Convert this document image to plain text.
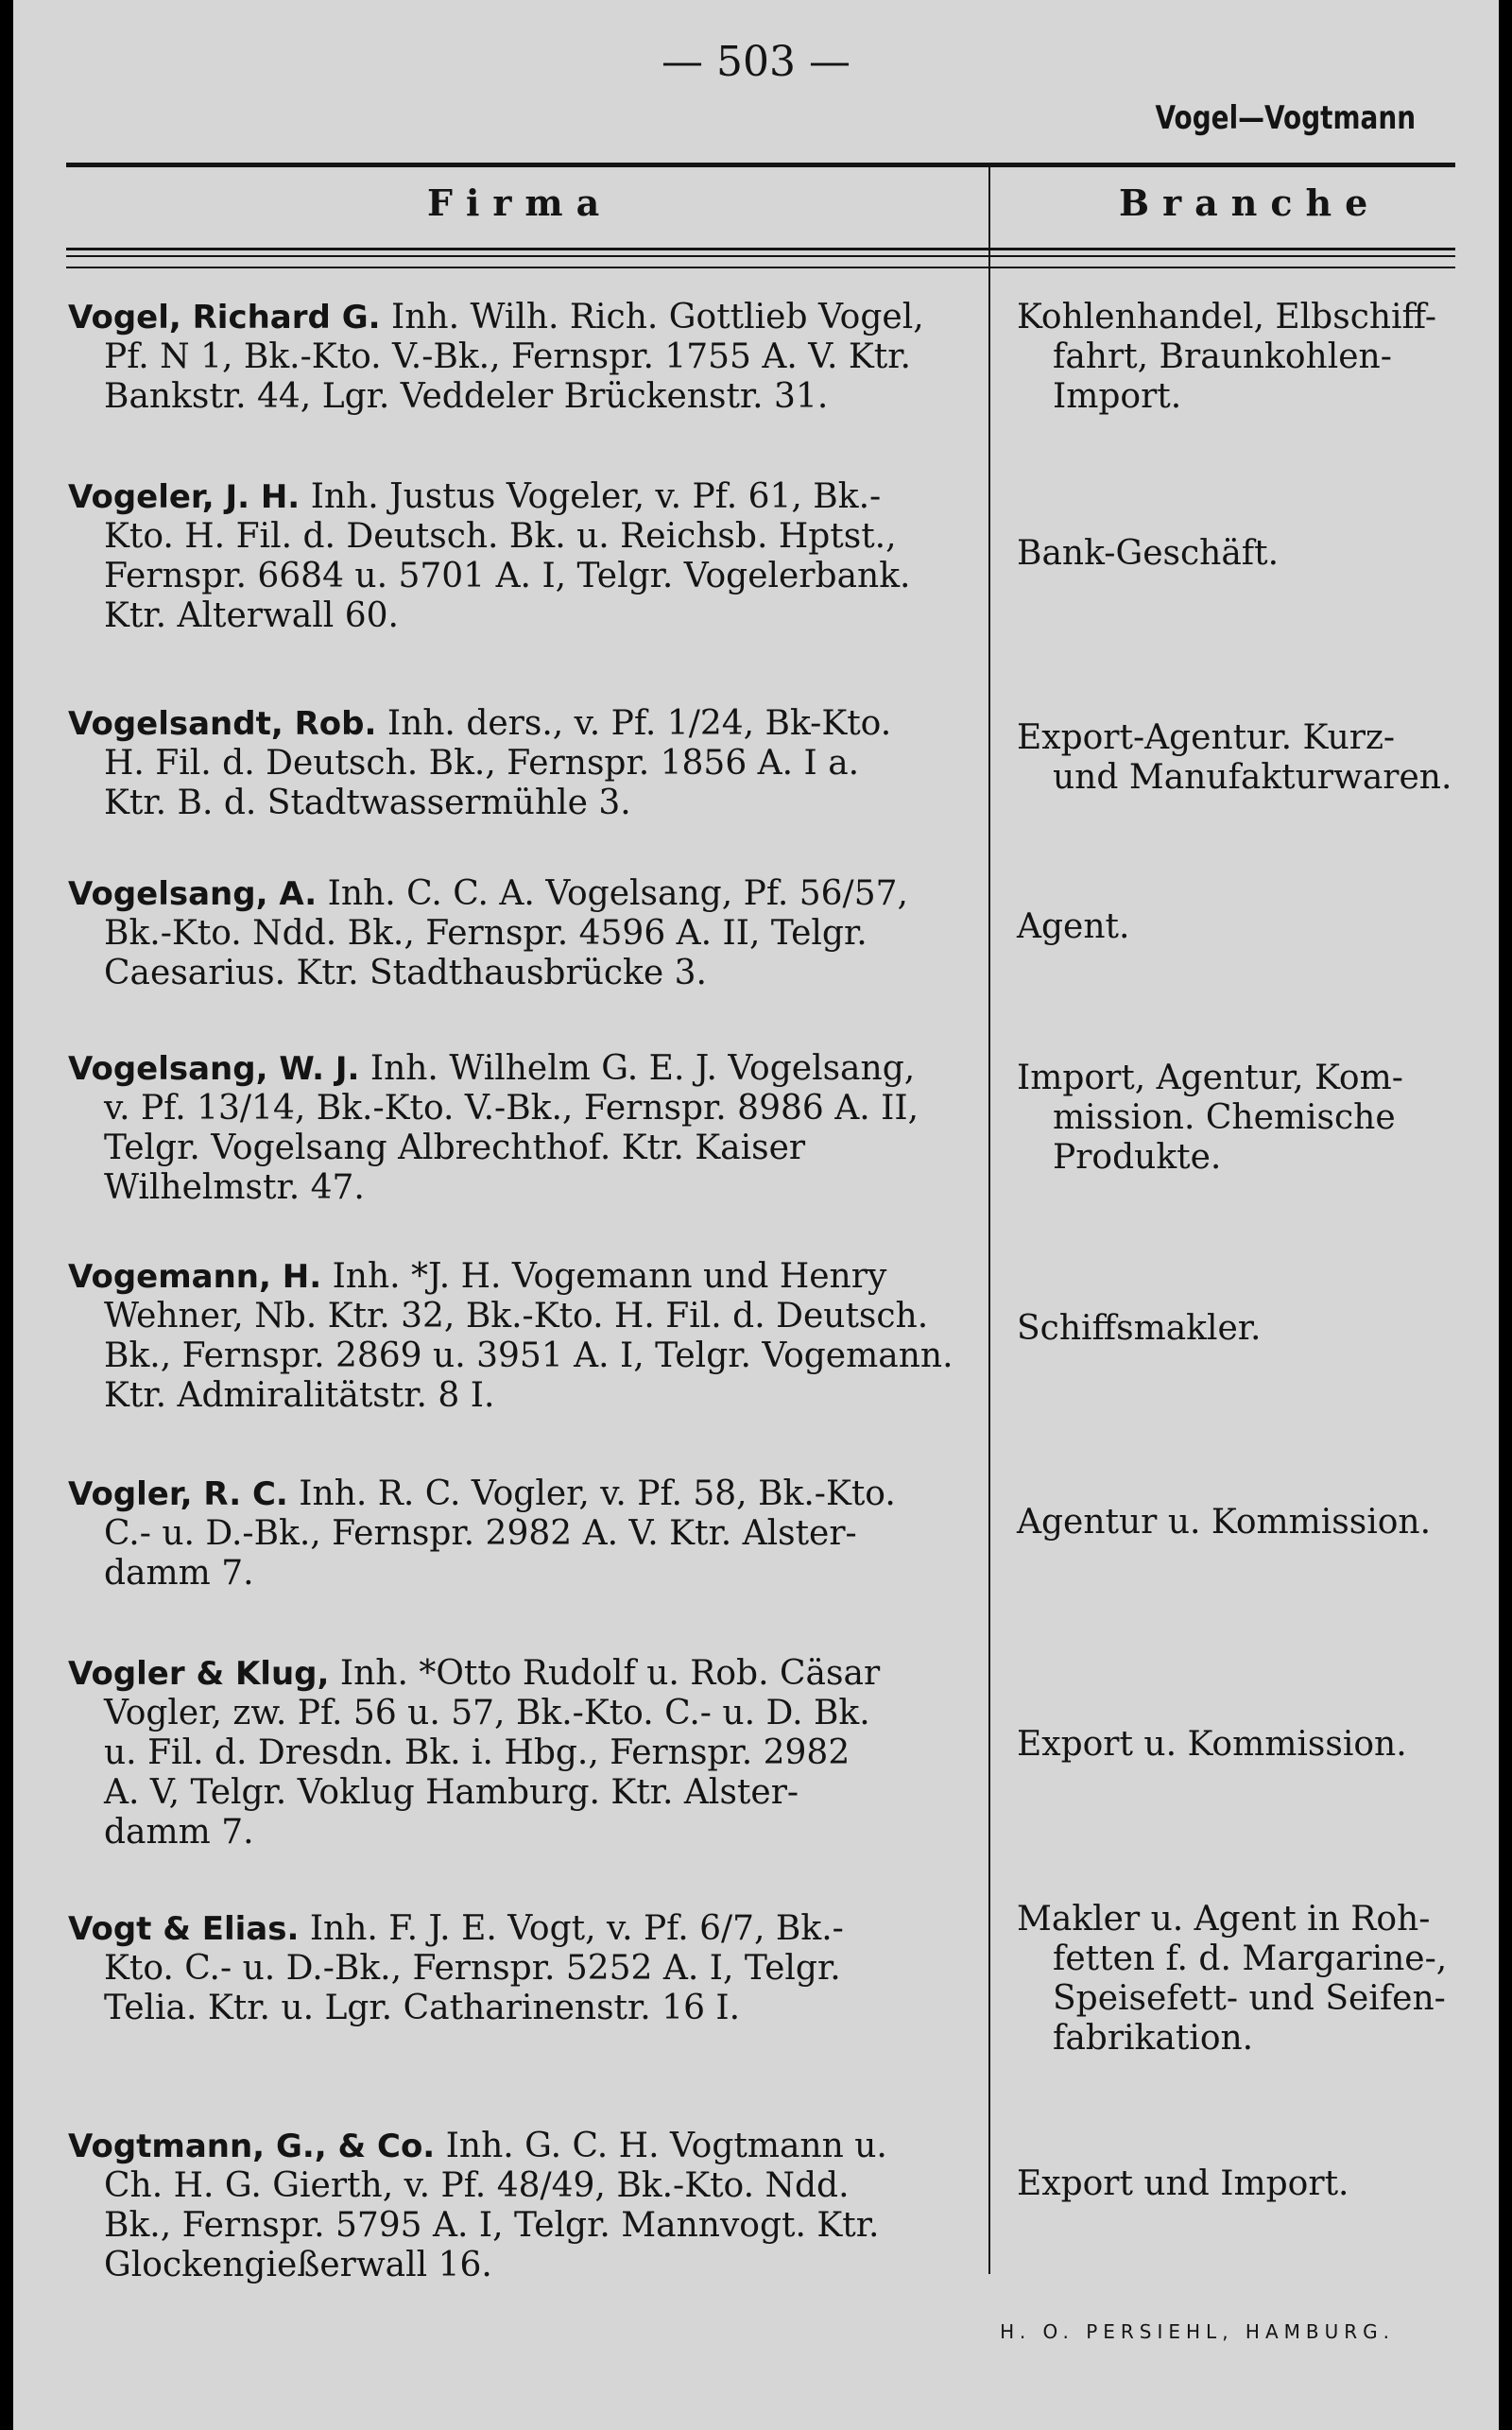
— 503 —
Vogel—Vogtmann
Firma	Branche
Vogel, Richard G. Inh. Wilh. Rich. Gottlieb Vogel,
Pf. N 1, Bk.-Kto. V.-Bk., Fernspr. 1755 A. V. Ktr.
Bankstr. 44, Lgr. Veddeler Brückenstr. 31.
Kohlenhandel, Elbschiff-
fahrt, Braunkohlen-
Import.
Vogeler, J. H. Inh. Justus Vogeler, v. Pf. 61, Bk.-
Kto. H. Fil. d. Deutsch. Bk. u. Reichsb. Hptst.,
Fernspr. 6684 u. 5701 A. I, Telgr. Vogelerbank.
Ktr. Alterwall 60.
Bank-Geschäft.
Vogelsandt, Rob. Inh. ders., v. Pf. 1/24, Bk-Kto.
H. Fil. d. Deutsch. Bk., Fernspr. 1856 A. I a.
Ktr. B. d. Stadtwassermühle 3.
Export-Agentur. Kurz-
und Manufakturwaren.
Vogelsang, A. Inh. C. C. A. Vogelsang, Pf. 56/57,
Bk.-Kto. Ndd. Bk., Fernspr. 4596 A. II, Telgr.
Caesarius. Ktr. Stadthausbrücke 3.
Agent.
Vogelsang, W. J. Inh. Wilhelm G. E. J. Vogelsang,
v. Pf. 13/14, Bk.-Kto. V.-Bk., Fernspr. 8986 A. II,
Telgr. Vogelsang Albrechthof. Ktr. Kaiser
Wilhelmstr. 47.
Import, Agentur, Kom-
mission. Chemische
Produkte.
Vogemann, H. Inh. *J. H. Vogemann und Henry
Wehner, Nb. Ktr. 32, Bk.-Kto. H. Fil. d. Deutsch.
Bk., Fernspr. 2869 u. 3951 A. I, Telgr. Vogemann.
Ktr. Admiralitätstr. 8 I.
Schiffsmakler.
Vogler, R. C. Inh. R. C. Vogler, v. Pf. 58, Bk.-Kto.
C.- u. D.-Bk., Fernspr. 2982 A. V. Ktr. Alster-
damm 7.
Agentur u. Kommission.
Vogler & Klug, Inh. *Otto Rudolf u. Rob. Cäsar
Vogler, zw. Pf. 56 u. 57, Bk.-Kto. C.- u. D. Bk.
u. Fil. d. Dresdn. Bk. i. Hbg., Fernspr. 2982
A. V, Telgr. Voklug Hamburg. Ktr. Alster-
damm 7.
Export u. Kommission.
Vogt & Elias. Inh. F. J. E. Vogt, v. Pf. 6/7, Bk.-
Kto. C.- u. D.-Bk., Fernspr. 5252 A. I, Telgr.
Telia. Ktr. u. Lgr. Catharinenstr. 16 I.
Makler u. Agent in Roh-
fetten f. d. Margarine-,
Speisefett- und Seifen-
fabrikation.
Vogtmann, G., & Co. Inh. G. C. H. Vogtmann u.
Ch. H. G. Gierth, v. Pf. 48/49, Bk.-Kto. Ndd.
Bk., Fernspr. 5795 A. I, Telgr. Mannvogt. Ktr.
Glockengießerwall 16.
Export und Import.
H. O. PERSIEHL, HAMBURG.
